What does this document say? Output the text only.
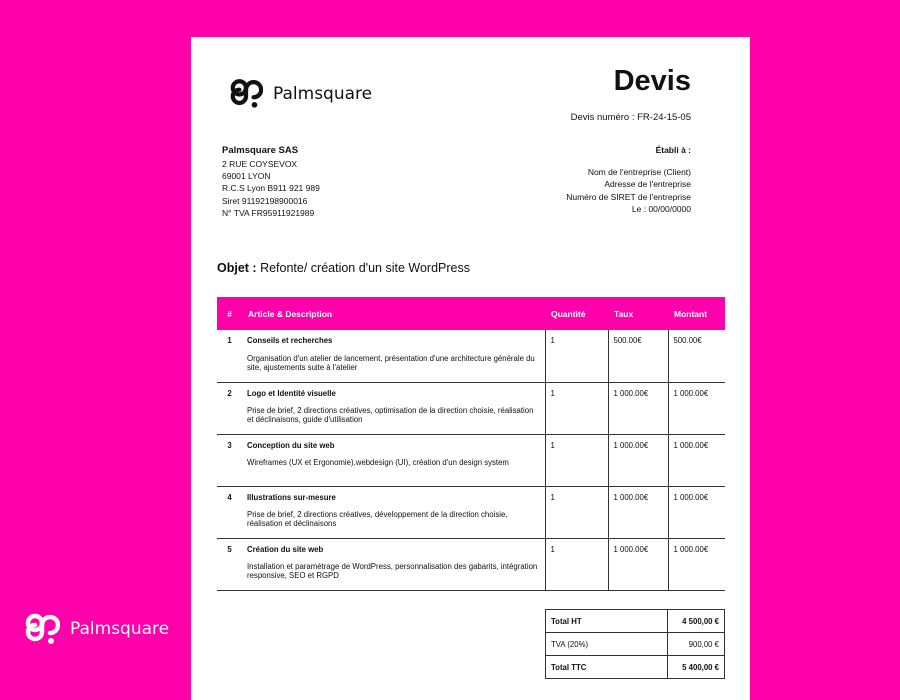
Palmsquare
Palmsquare	Devis
Devis numéro : FR-24-15-05
Palmsquare SAS
2 RUE COYSEVOX
69001 LYON
R.C.S Lyon B911 921 989
Siret 91192198900016
N° TVA FR95911921989
Établi à :
Nom de l'entreprise (Client)
Adresse de l'entreprise
Numéro de SIRET de l'entreprise
Le : 00/00/0000
Objet : Refonte/ création d'un site WordPress
#	Article & Description	Quantité	Taux	Montant
1	Conseils et recherches	1	500.00€	500.00€
	Organisation d'un atelier de lancement, présentation d'une architecture générale du site, ajustements suite à l'atelier			
2	Logo et Identité visuelle	1	1 000.00€	1 000.00€
	Prise de brief, 2 directions créatives, optimisation de la direction choisie, réalisation et déclinaisons, guide d'utilisation			
3	Conception du site web	1	1 000.00€	1 000.00€
	Wireframes (UX et Ergonomie),webdesign (UI), création d'un design system			
4	Illustrations sur-mesure	1	1 000.00€	1 000.00€
	Prise de brief, 2 directions créatives, développement de la direction choisie, réalisation et déclinaisons			
5	Création du site web	1	1 000.00€	1 000.00€
	Installation et paramétrage de WordPress, personnalisation des gabarits, intégration responsive, SEO et RGPD			
Total HT	4 500,00 €
TVA (20%)	900,00 €
Total TTC	5 400,00 €
